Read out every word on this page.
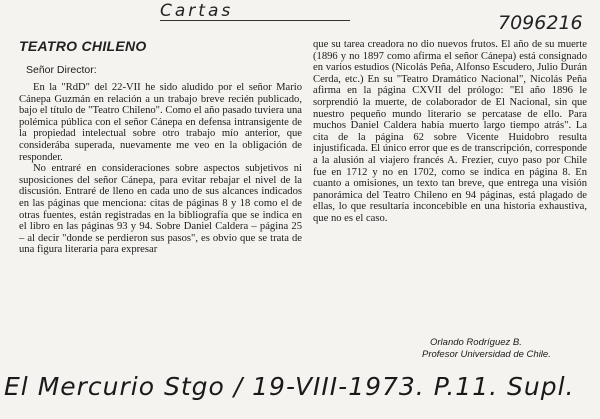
Cartas
7096216
TEATRO CHILENO
Señor Director:

En la "RdD" del 22-VII he sido aludido por el señor Mario Cánepa Guzmán en relación a un trabajo breve recién publicado, bajo el título de "Teatro Chileno". Como el año pasado tuviera una polémica pública con el señor Cánepa en defensa intransigente de la propiedad intelectual sobre otro trabajo mío anterior, que considerába superada, nuevamente me veo en la obligación de responder.

No entraré en consideraciones sobre aspectos subjetivos ni suposiciones del señor Cánepa, para evitar rebajar el nivel de la discusión. Entraré de lleno en cada uno de sus alcances indicados en las páginas que menciona: citas de páginas 8 y 18 como el de otras fuentes, están registradas en la bibliografía que se indica en el libro en las páginas 93 y 94. Sobre Daniel Caldera – página 25 – al decir "donde se perdieron sus pasos", es obvio que se trata de una figura literaria para expresar

que su tarea creadora no dio nuevos frutos. El año de su muerte (1896 y no 1897 como afirma el señor Cánepa) está consignado en varios estudios (Nicolás Peña, Alfonso Escudero, Julio Durán Cerda, etc.) En su "Teatro Dramático Nacional", Nicolás Peña afirma en la página CXVII del prólogo: "El año 1896 le sorprendió la muerte, de colaborador de El Nacional, sin que nuestro pequeño mundo literario se percatase de ello. Para muchos Daniel Caldera había muerto largo tiempo atrás". La cita de la página 62 sobre Vicente Huidobro resulta injustificada. El único error que es de transcripción, corresponde a la alusión al viajero francés A. Frezier, cuyo paso por Chile fue en 1712 y no en 1702, como se indica en página 8. En cuanto a omisiones, un texto tan breve, que entrega una visión panorámica del Teatro Chileno en 94 páginas, está plagado de ellas, lo que resultaría inconcebible en una historia exhaustiva, que no es el caso.

Orlando Rodríguez B.
Profesor Universidad de Chile.
El Mercurio Stgo / 19-VIII-1973. P.11. Supl.
